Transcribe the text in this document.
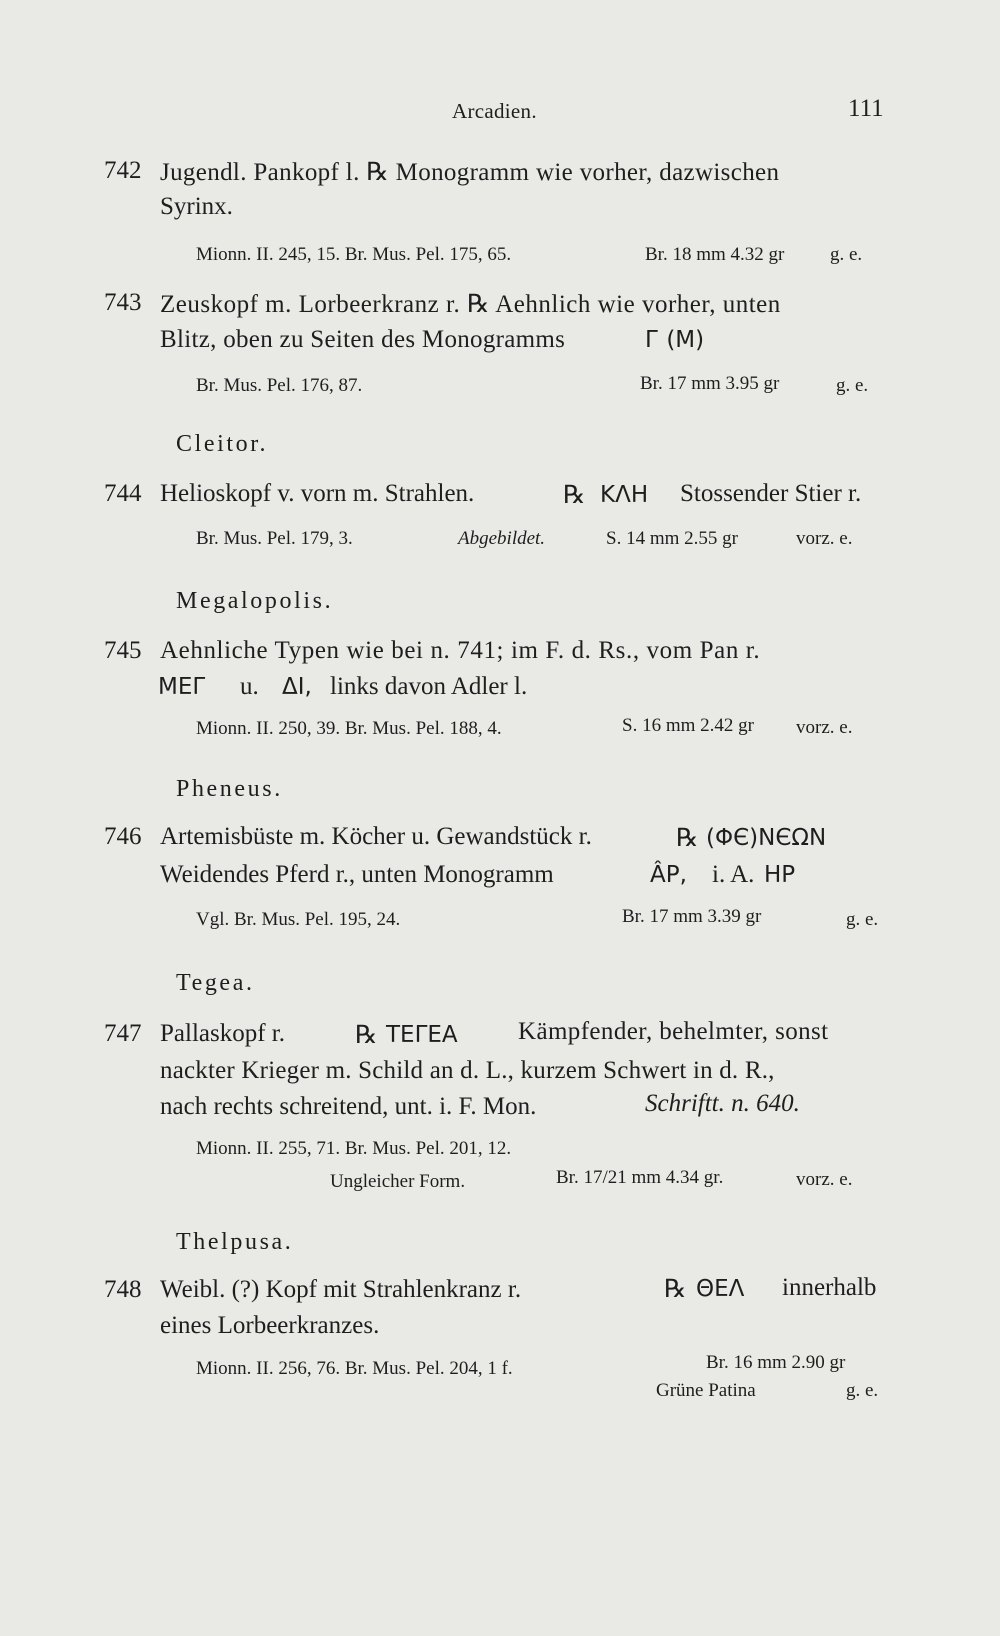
Arcadien.	111
742 Jugendl. Pankopf l. ℞ Monogramm wie vorher, dazwischen
Syrinx.
Mionn. II. 245, 15. Br. Mus. Pel. 175, 65.	Br. 18 mm 4.32 gr g. e.
743 Zeuskopf m. Lorbeerkranz r. ℞ Aehnlich wie vorher, unten
Blitz, oben zu Seiten des Monogramms	Г (M)
Br. Mus. Pel. 176, 87.	Br. 17 mm 3.95 gr	g. e.
Cleitor.
744 Helioskopf v. vorn m. Strahlen.	℞ ΚΛΗ Stossender Stier r.
Br. Mus. Pel. 179, 3.	Abgebildet.	S. 14 mm 2.55 gr	vorz. e.
Megalopolis.
745 Aehnliche Typen wie bei n. 741; im F. d. Rs., vom Pan r.
ΜΕΓ u. ΔΙ, links davon Adler l.
Mionn. II. 250, 39. Br. Mus. Pel. 188, 4.	S. 16 mm 2.42 gr vorz. e.
Pheneus.
746 Artemisbüste m. Köcher u. Gewandstück r.	℞ (ΦЄ)ΝЄΩΝ
Weidendes Pferd r., unten Monogramm	ÂP, i. A. ΗΡ
Vgl. Br. Mus. Pel. 195, 24.	Br. 17 mm 3.39 gr	g. e.
Tegea.
747 Pallaskopf r.	℞ ΤΕΓΕΑ Kämpfender, behelmter, sonst
nackter Krieger m. Schild an d. L., kurzem Schwert in d. R.,
nach rechts schreitend, unt. i. F. Mon.	Schriftt. n. 640.
Mionn. II. 255, 71. Br. Mus. Pel. 201, 12.
Ungleicher Form.	Br. 17/21 mm 4.34 gr.	vorz. e.
Thelpusa.
748 Weibl. (?) Kopf mit Strahlenkranz r.	℞ ΘΕΛ innerhalb
eines Lorbeerkranzes.
Mionn. II. 256, 76. Br. Mus. Pel. 204, 1 f.	Br. 16 mm 2.90 gr
Grüne Patina	g. e.
